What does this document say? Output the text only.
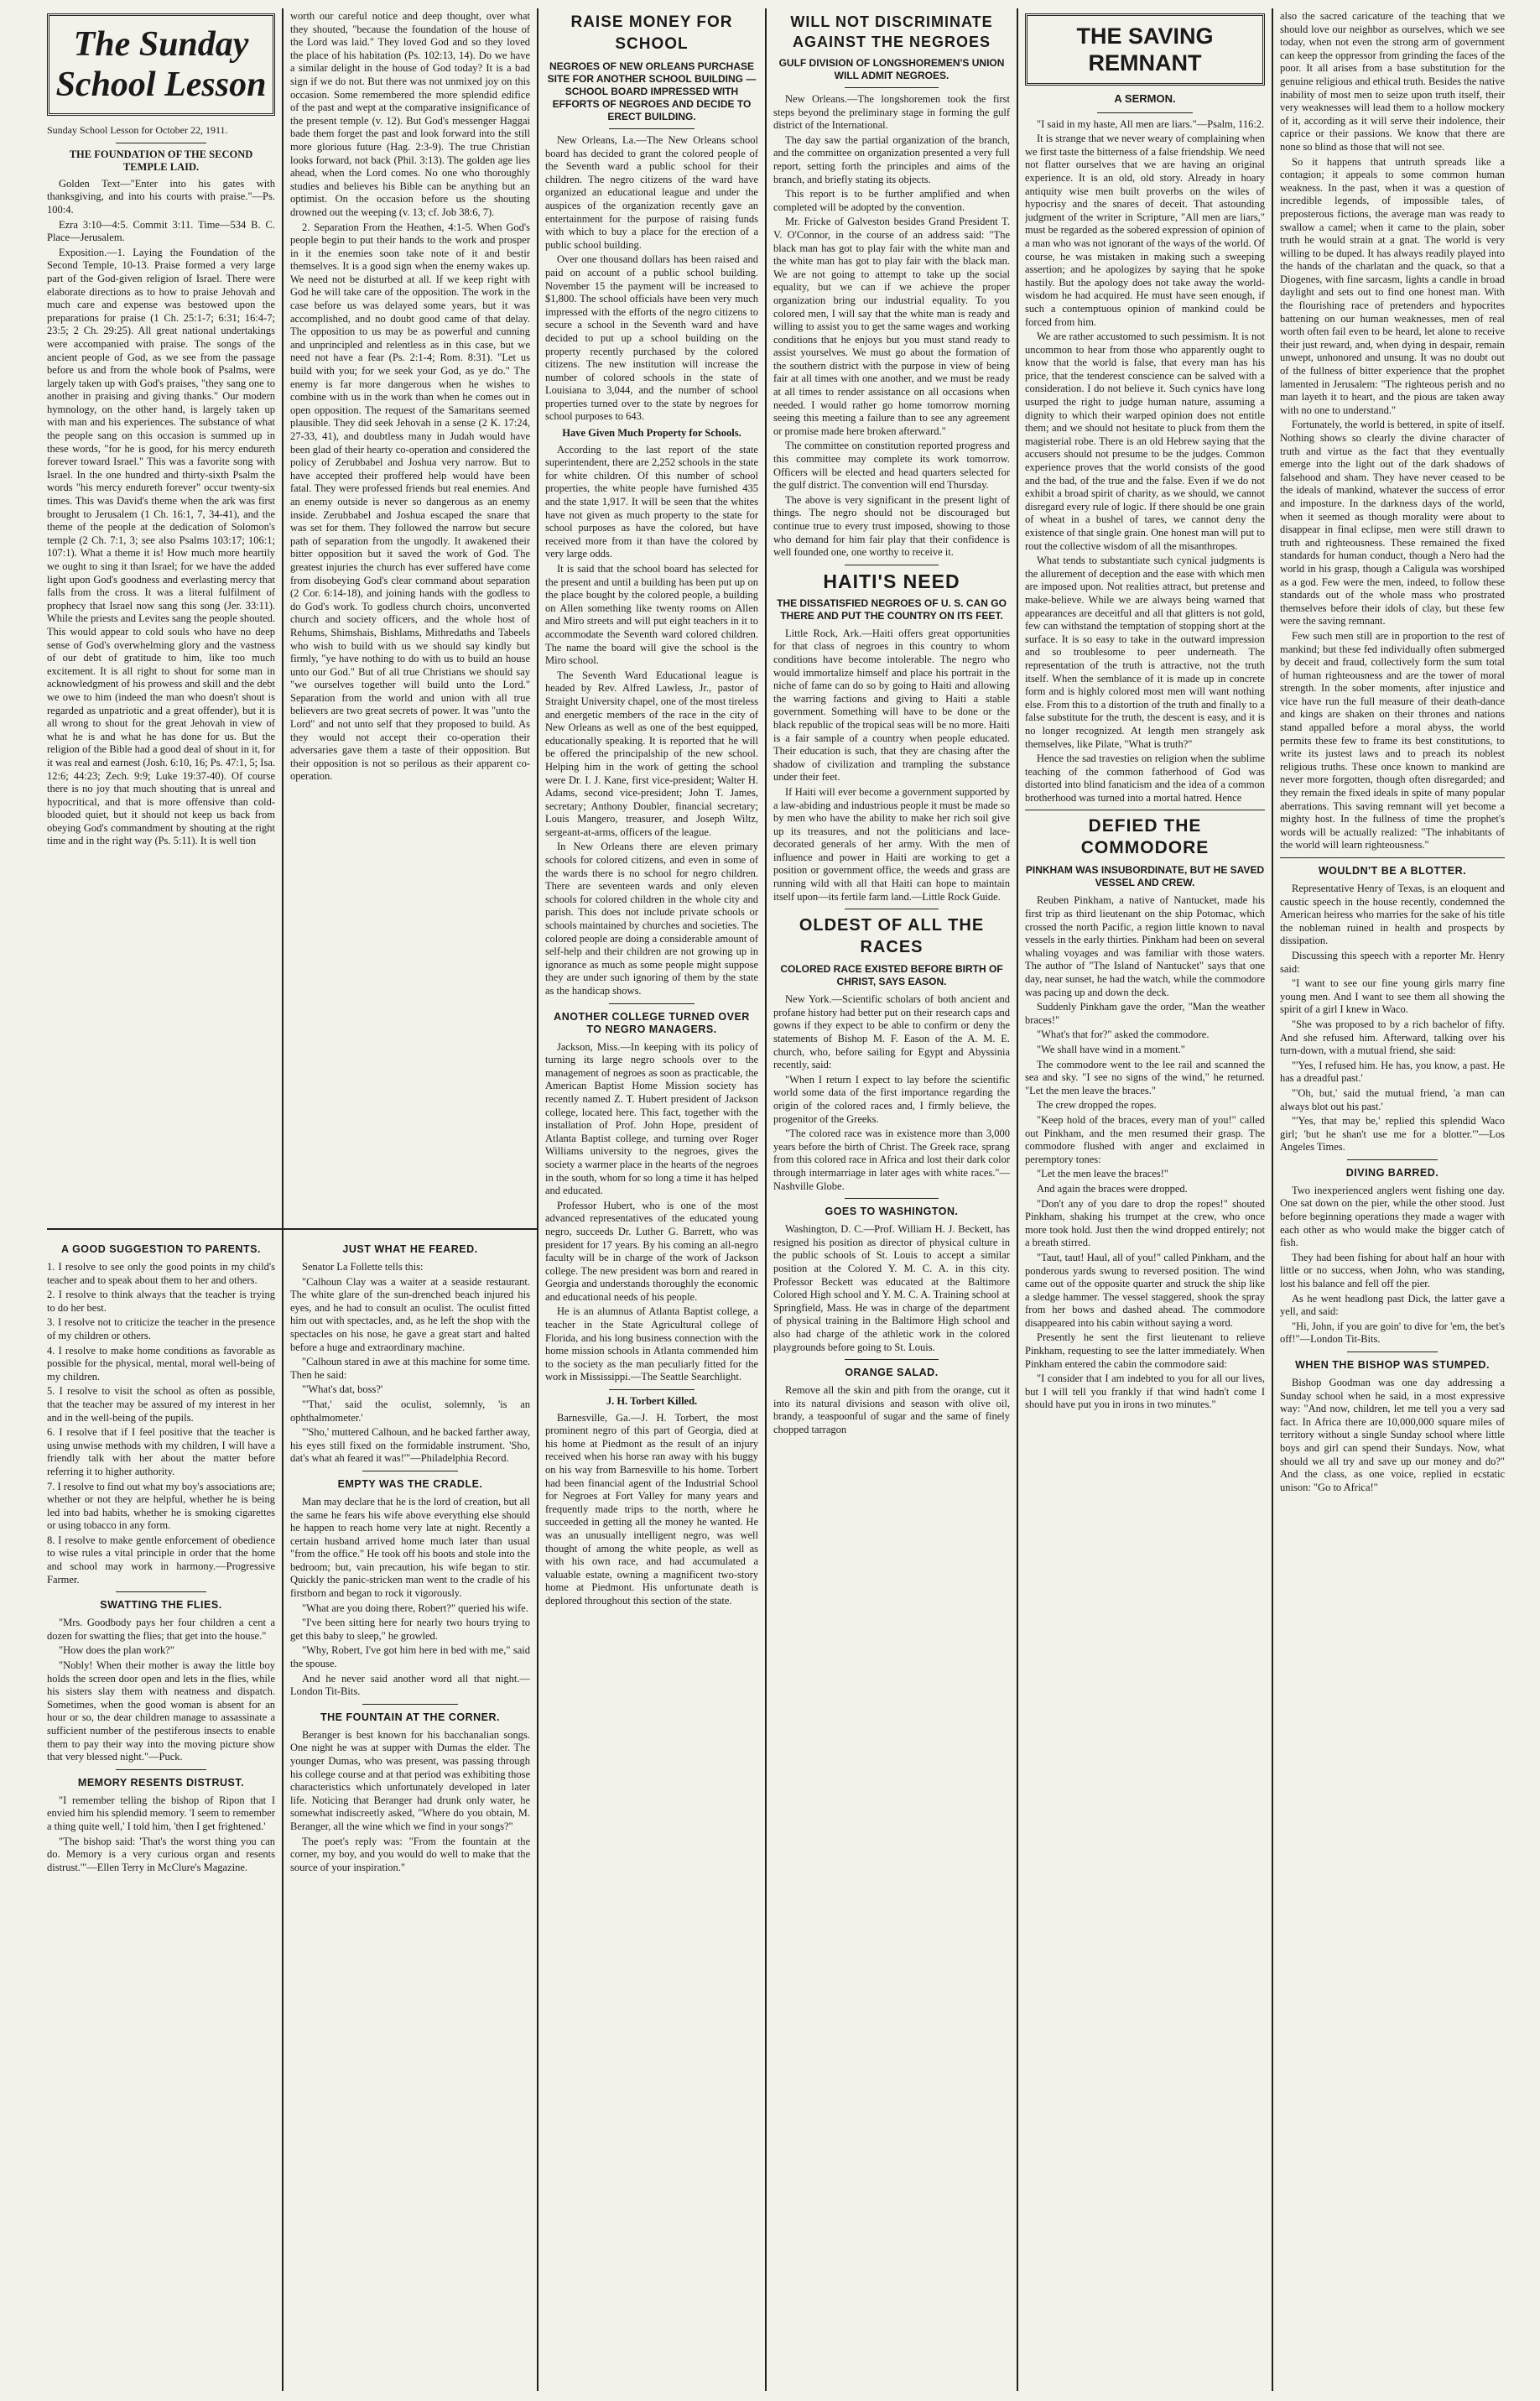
The Sunday School Lesson
Sunday School Lesson for October 22, 1911.
THE FOUNDATION OF THE SECOND TEMPLE LAID.

Golden Text—"Enter into his gates with thanksgiving, and into his courts with praise."—Ps. 100:4.

Ezra 3:10—4:5. Commit 3:11. Time—534 B. C. Place—Jerusalem.

Exposition.—1. Laying the Foundation of the Second Temple, 10-13. Praise formed a very large part of the God-given religion of Israel. There were elaborate directions as to how to praise Jehovah and much care and expense was bestowed upon the preparations for praise (1 Ch. 25:1-7; 6:31; 16:4-7; 23:5; 2 Ch. 29:25). All great national undertakings were accompanied with praise. The songs of the ancient people of God, as we see from the passage before us and from the whole book of Psalms, were largely taken up with God's praises, "they sang one to another in praising and giving thanks." Our modern hymnology, on the other hand, is largely taken up with man and his experiences. The substance of what the people sang on this occasion is summed up in these words, "for he is good, for his mercy endureth forever toward Israel." This was a favorite song with Israel. In the one hundred and thirty-sixth Psalm the words "his mercy endureth forever" occur twenty-six times. This was David's theme when the ark was first brought to Jerusalem (1 Ch. 16:1, 7, 34-41), and the theme of the people at the dedication of Solomon's temple (2 Ch. 7:1, 3; see also Psalms 103:17; 106:1; 107:1). What a theme it is! How much more heartily we ought to sing it than Israel; for we have the added light upon God's goodness and everlasting mercy that falls from the cross. It was a literal fulfilment of prophecy that Israel now sang this song (Jer. 33:11). While the priests and Levites sang the people shouted. This would appear to cold souls who have no deep sense of God's overwhelming glory and the vastness of our debt of gratitude to him, like too much excitement. It is all right to shout for some man in acknowledgment of his prowess and skill and the debt we owe to him (indeed the man who doesn't shout is regarded as unpatriotic and a great offender), but it is all wrong to shout for the great Jehovah in view of what he is and what he has done for us. But the religion of the Bible had a good deal of shout in it, for it was real and earnest (Josh. 6:10, 16; Ps. 47:1, 5; Isa. 12:6; 44:23; Zech. 9:9; Luke 19:37-40). Of course there is no joy that much shouting that is unreal and hypocritical, and that is more offensive than cold-blooded quiet, but it should not keep us back from obeying God's commandment by shouting at the right time and in the right way (Ps. 5:11). It is well tion

worth our careful notice and deep thought, over what they shouted, "because the foundation of the house of the Lord was laid." They loved God and so they loved the place of his habitation (Ps. 102:13, 14). Do we have a similar delight in the house of God today? It is a bad sign if we do not. But there was not unmixed joy on this occasion. Some remembered the more splendid edifice of the past and wept at the comparative insignificance of the present temple (v. 12). But God's messenger Haggai bade them forget the past and look forward into the still more glorious future (Hag. 2:3-9). The true Christian looks forward, not back (Phil. 3:13). The golden age lies ahead, when the Lord comes. No one who thoroughly studies and believes his Bible can be anything but an optimist. On the occasion before us the shouting drowned out the weeping (v. 13; cf. Job 38:6, 7).

2. Separation From the Heathen, 4:1-5. When God's people begin to put their hands to the work and prosper in it the enemies soon take note of it and bestir themselves. It is a good sign when the enemy wakes up. We need not be disturbed at all. If we keep right with God he will take care of the opposition. The work in the case before us was delayed some years, but it was accomplished, and no doubt good came of that delay. The opposition to us may be as powerful and cunning and unprincipled and relentless as in this case, but we need not have a fear (Ps. 2:1-4; Rom. 8:31). "Let us build with you; for we seek your God, as ye do." The enemy is far more dangerous when he wishes to combine with us in the work than when he comes out in open opposition. The request of the Samaritans seemed plausible. They did seek Jehovah in a sense (2 K. 17:24, 27-33, 41), and doubtless many in Judah would have been glad of their hearty co-operation and considered the policy of Zerubbabel and Joshua very narrow. But to have accepted their proffered help would have been fatal. They were professed friends but real enemies. And an enemy outside is never so dangerous as an enemy inside. Zerubbabel and Joshua escaped the snare that was set for them. They followed the narrow but secure path of separation from the ungodly. It awakened their bitter opposition but it saved the work of God. The greatest injuries the church has ever suffered have come from disobeying God's clear command about separation (2 Cor. 6:14-18), and joining hands with the godless to do God's work. To godless church choirs, unconverted church and society officers, and the whole host of Rehums, Shimshais, Bishlams, Mithredaths and Tabeels who wish to build with us we should say kindly but firmly, "ye have nothing to do with us to build an house unto our God." But of all true Christians we should say "we ourselves together will build unto the Lord." Separation from the world and union with all true believers are two great secrets of power. It was "unto the Lord" and not unto self that they proposed to build. As they would not accept their co-operation their adversaries gave them a taste of their opposition. But their opposition is not so perilous as their apparent co-operation.

A GOOD SUGGESTION TO PARENTS.

1. I resolve to see only the good points in my child's teacher and to speak about them to her and others.

2. I resolve to think always that the teacher is trying to do her best.

3. I resolve not to criticize the teacher in the presence of my children or others.

4. I resolve to make home conditions as favorable as possible for the physical, mental, moral well-being of my children.

5. I resolve to visit the school as often as possible, that the teacher may be assured of my interest in her and in the well-being of the pupils.

6. I resolve that if I feel positive that the teacher is using unwise methods with my children, I will have a friendly talk with her about the matter before referring it to higher authority.

7. I resolve to find out what my boy's associations are; whether or not they are helpful, whether he is being led into bad habits, whether he is smoking cigarettes or using tobacco in any form.

8. I resolve to make gentle enforcement of obedience to wise rules a vital principle in order that the home and school may work in harmony.—Progressive Farmer.

SWATTING THE FLIES.

"Mrs. Goodbody pays her four children a cent a dozen for swatting the flies; that get into the house."

"How does the plan work?"

"Nobly! When their mother is away the little boy holds the screen door open and lets in the flies, while his sisters slay them with neatness and dispatch. Sometimes, when the good woman is absent for an hour or so, the dear children manage to assassinate a sufficient number of the pestiferous insects to enable them to pay their way into the moving picture show that very blessed night."—Puck.

MEMORY RESENTS DISTRUST.

"I remember telling the bishop of Ripon that I envied him his splendid memory. 'I seem to remember a thing quite well,' I told him, 'then I get frightened.'

"The bishop said: 'That's the worst thing you can do. Memory is a very curious organ and resents distrust.'"—Ellen Terry in McClure's Magazine.

JUST WHAT HE FEARED.

Senator La Follette tells this:

"Calhoun Clay was a waiter at a seaside restaurant. The white glare of the sun-drenched beach injured his eyes, and he had to consult an oculist. The oculist fitted him out with spectacles, and, as he left the shop with the spectacles on his nose, he gave a great start and halted before a huge and extraordinary machine.

"Calhoun stared in awe at this machine for some time. Then he said:

"'What's dat, boss?'

"'That,' said the oculist, solemnly, 'is an ophthalmometer.'

"'Sho,' muttered Calhoun, and he backed farther away, his eyes still fixed on the formidable instrument. 'Sho, dat's what ah feared it was!'"—Philadelphia Record.

EMPTY WAS THE CRADLE.

Man may declare that he is the lord of creation, but all the same he fears his wife above everything else should he happen to reach home very late at night. Recently a certain husband arrived home much later than usual "from the office." He took off his boots and stole into the bedroom; but, vain precaution, his wife began to stir. Quickly the panic-stricken man went to the cradle of his firstborn and began to rock it vigorously.

"What are you doing there, Robert?" queried his wife.

"I've been sitting here for nearly two hours trying to get this baby to sleep," he growled.

"Why, Robert, I've got him here in bed with me," said the spouse.

And he never said another word all that night.—London Tit-Bits.

THE FOUNTAIN AT THE CORNER.

Beranger is best known for his bacchanalian songs. One night he was at supper with Dumas the elder. The younger Dumas, who was present, was passing through his college course and at that period was exhibiting those characteristics which unfortunately developed in later life. Noticing that Beranger had drunk only water, he somewhat indiscreetly asked, "Where do you obtain, M. Beranger, all the wine which we find in your songs?"

The poet's reply was: "From the fountain at the corner, my boy, and you would do well to make that the source of your inspiration."

RAISE MONEY FOR SCHOOL
NEGROES OF NEW ORLEANS PURCHASE SITE FOR ANOTHER SCHOOL BUILDING — SCHOOL BOARD IMPRESSED WITH EFFORTS OF NEGROES AND DECIDE TO ERECT BUILDING.

New Orleans, La.—The New Orleans school board has decided to grant the colored people of the Seventh ward a public school for their children. The negro citizens of the ward have organized an educational league and under the auspices of the organization recently gave an entertainment for the purpose of raising funds with which to buy a place for the erection of a public school building.

Over one thousand dollars has been raised and paid on account of a public school building. November 15 the payment will be increased to $1,800. The school officials have been very much impressed with the efforts of the negro citizens to secure a school in the Seventh ward and have decided to put up a school building on the property recently purchased by the colored citizens. The new institution will increase the number of colored schools in the state of Louisiana to 3,044, and the number of school properties turned over to the state by negroes for school purposes to 643.

Have Given Much Property for Schools.

According to the last report of the state superintendent, there are 2,252 schools in the state for white children. Of this number of school properties, the white people have furnished 435 and the state 1,917. It will be seen that the whites have not given as much property to the state for school purposes as have the colored, but have received more from it than have the colored by very large odds.

It is said that the school board has selected for the present and until a building has been put up on the place bought by the colored people, a building on Allen something like twenty rooms on Allen and Miro streets and will put eight teachers in it to accommodate the Seventh ward colored children. The name the board will give the school is the Miro school.

The Seventh Ward Educational league is headed by Rev. Alfred Lawless, Jr., pastor of Straight University chapel, one of the most tireless and energetic members of the race in the city of New Orleans as well as one of the best equipped, educationally speaking. It is reported that he will be offered the principalship of the new school. Helping him in the work of getting the school were Dr. I. J. Kane, first vice-president; Walter H. Adams, second vice-president; John T. James, secretary; Anthony Doubler, financial secretary; Louis Mangero, treasurer, and Joseph Wiltz, sergeant-at-arms, officers of the league.

In New Orleans there are eleven primary schools for colored citizens, and even in some of the wards there is no school for negro children. There are seventeen wards and only eleven schools for colored children in the whole city and parish. This does not include private schools or schools maintained by churches and societies. The colored people are doing a considerable amount of self-help and their children are not growing up in ignorance as much as some people might suppose they are under such ignoring of them by the state as the handicap shows.

ANOTHER COLLEGE TURNED OVER TO NEGRO MANAGERS.

Jackson, Miss.—In keeping with its policy of turning its large negro schools over to the management of negroes as soon as practicable, the American Baptist Home Mission society has recently named Z. T. Hubert president of Jackson college, located here. This fact, together with the installation of Prof. John Hope, president of Atlanta Baptist college, and turning over Roger Williams university to the negroes, gives the society a warmer place in the hearts of the negroes in the south, whom for so long a time it has helped and educated.

Professor Hubert, who is one of the most advanced representatives of the educated young negro, succeeds Dr. Luther G. Barrett, who was president for 17 years. By his coming an all-negro faculty will be in charge of the work of Jackson college. The new president was born and reared in Georgia and understands thoroughly the economic and educational needs of his people.

He is an alumnus of Atlanta Baptist college, a teacher in the State Agricultural college of Florida, and his long business connection with the home mission schools in Atlanta commended him to the society as the man peculiarly fitted for the work in Mississippi.—The Seattle Searchlight.

J. H. Torbert Killed.

Barnesville, Ga.—J. H. Torbert, the most prominent negro of this part of Georgia, died at his home at Piedmont as the result of an injury received when his horse ran away with his buggy on his way from Barnesville to his home. Torbert had been financial agent of the Industrial School for Negroes at Fort Valley for many years and frequently made trips to the north, where he succeeded in getting all the money he wanted. He was an unusually intelligent negro, was well thought of among the white people, as well as with his own race, and had accumulated a valuable estate, owning a magnificent two-story home at Piedmont. His unfortunate death is deplored throughout this section of the state.

WILL NOT DISCRIMINATE AGAINST THE NEGROES
GULF DIVISION OF LONGSHOREMEN'S UNION WILL ADMIT NEGROES.

New Orleans.—The longshoremen took the first steps beyond the preliminary stage in forming the gulf district of the International.

The day saw the partial organization of the branch, and the committee on organization presented a very full report, setting forth the principles and aims of the branch, and briefly stating its objects.

This report is to be further amplified and when completed will be adopted by the convention.

Mr. Fricke of Galveston besides Grand President T. V. O'Connor, in the course of an address said: "The black man has got to play fair with the white man and the white man has got to play fair with the black man. We are not going to attempt to take up the social equality, but we can if we achieve the proper organization bring our industrial equality. To you colored men, I will say that the white man is ready and willing to assist you to get the same wages and working conditions that he enjoys but you must stand ready to assist yourselves. We must go about the formation of the southern district with the purpose in view of being fair at all times with one another, and we must be ready at all times to render assistance on all occasions when needed. I would rather go home tomorrow morning seeing this meeting a failure than to see any agreement or promise made here broken afterward."

The committee on constitution reported progress and this committee may complete its work tomorrow. Officers will be elected and head quarters selected for the gulf district. The convention will end Thursday.

The above is very significant in the present light of things. The negro should not be discouraged but continue true to every trust imposed, showing to those who demand for him fair play that their confidence is well founded one, one worthy to receive it.

HAITI'S NEED
THE DISSATISFIED NEGROES OF U. S. CAN GO THERE AND PUT THE COUNTRY ON ITS FEET.

Little Rock, Ark.—Haiti offers great opportunities for that class of negroes in this country to whom conditions have become intolerable. The negro who would immortalize himself and place his portrait in the niche of fame can do so by going to Haiti and allowing the warring factions and giving to Haiti a stable government. Something will have to be done or the black republic of the tropical seas will be no more. Haiti is a fair sample of a country when people educated. Their education is such, that they are chasing after the shadow of civilization and trampling the substance under their feet.

If Haiti will ever become a government supported by a law-abiding and industrious people it must be made so by men who have the ability to make her rich soil give up its treasures, and not the politicians and lace-decorated generals of her army. With the men of influence and power in Haiti are working to get a position or government office, the weeds and grass are running wild with all that Haiti can hope to maintain itself upon—its fertile farm land.—Little Rock Guide.

OLDEST OF ALL THE RACES
COLORED RACE EXISTED BEFORE BIRTH OF CHRIST, SAYS EASON.

New York.—Scientific scholars of both ancient and profane history had better put on their research caps and gowns if they expect to be able to confirm or deny the statements of Bishop M. F. Eason of the A. M. E. church, who, before sailing for Egypt and Abyssinia recently, said:

"When I return I expect to lay before the scientific world some data of the first importance regarding the origin of the colored races and, I firmly believe, the progenitor of the Greeks.

"The colored race was in existence more than 3,000 years before the birth of Christ. The Greek race, sprang from this colored race in Africa and lost their dark color through intermarriage in later ages with white races."—Nashville Globe.

GOES TO WASHINGTON.

Washington, D. C.—Prof. William H. J. Beckett, has resigned his position as director of physical culture in the public schools of St. Louis to accept a similar position at the Colored Y. M. C. A. in this city. Professor Beckett was educated at the Baltimore Colored High school and Y. M. C. A. Training school at Springfield, Mass. He was in charge of the department of physical training in the Baltimore High school and also had charge of the athletic work in the colored playgrounds before going to St. Louis.

ORANGE SALAD.

Remove all the skin and pith from the orange, cut it into its natural divisions and season with olive oil, brandy, a teaspoonful of sugar and the same of finely chopped tarragon

THE SAVING REMNANT
A SERMON.

"I said in my haste, All men are liars."—Psalm, 116:2.

It is strange that we never weary of complaining when we first taste the bitterness of a false friendship. We need not flatter ourselves that we are having an original experience. It is an old, old story. Already in hoary antiquity wise men built proverbs on the wiles of hypocrisy and the snares of deceit. That astounding judgment of the writer in Scripture, "All men are liars," must be regarded as the sobered expression of opinion of a man who was not ignorant of the ways of the world. Of course, he was mistaken in making such a sweeping assertion; and he apologizes by saying that he spoke hastily. But the apology does not take away the world-wisdom he had acquired. He must have seen enough, if such a contemptuous opinion of mankind could be forced from him.

We are rather accustomed to such pessimism. It is not uncommon to hear from those who apparently ought to know that the world is false, that every man has his price, that the tenderest conscience can be salved with a consideration. I do not believe it. Such cynics have long usurped the right to judge human nature, assuming a dignity to which their warped opinion does not entitle them; and we should not hesitate to pluck from them the magisterial robe. There is an old Hebrew saying that the accusers should not presume to be the judges. Common experience proves that the world consists of the good and the bad, of the true and the false. Even if we do not exhibit a broad spirit of charity, as we should, we cannot disregard every rule of logic. If there should be one grain of wheat in a bushel of tares, we cannot deny the existence of that single grain. One honest man will put to rout the collective wisdom of all the misanthropes.

What tends to substantiate such cynical judgments is the allurement of deception and the ease with which men are imposed upon. Not realities attract, but pretense and make-believe. While we are always being warned that appearances are deceitful and all that glitters is not gold, few can withstand the temptation of stopping short at the surface. It is so easy to take in the outward impression and so troublesome to peer underneath. The representation of the truth is attractive, not the truth itself. When the semblance of it is made up in concrete form and is highly colored most men will want nothing else. From this to a distortion of the truth and finally to a false substitute for the truth, the descent is easy, and it is no longer recognized. At length men strangely ask themselves, like Pilate, "What is truth?"

Hence the sad travesties on religion when the sublime teaching of the common fatherhood of God was distorted into blind fanaticism and the idea of a common brotherhood was turned into a mortal hatred. Hence

DEFIED THE COMMODORE
PINKHAM WAS INSUBORDINATE, BUT HE SAVED VESSEL AND CREW.

Reuben Pinkham, a native of Nantucket, made his first trip as third lieutenant on the ship Potomac, which crossed the north Pacific, a region little known to naval vessels in the early thirties. Pinkham had been on several whaling voyages and was familiar with those waters. The author of "The Island of Nantucket" says that one day, near sunset, he had the watch, while the commodore was pacing up and down the deck.

Suddenly Pinkham gave the order, "Man the weather braces!"

"What's that for?" asked the commodore.

"We shall have wind in a moment."

The commodore went to the lee rail and scanned the sea and sky. "I see no signs of the wind," he returned. "Let the men leave the braces."

The crew dropped the ropes.

"Keep hold of the braces, every man of you!" called out Pinkham, and the men resumed their grasp. The commodore flushed with anger and exclaimed in peremptory tones:

"Let the men leave the braces!"

And again the braces were dropped.

"Don't any of you dare to drop the ropes!" shouted Pinkham, shaking his trumpet at the crew, who once more took hold. Just then the wind dropped entirely; not a breath stirred.

"Taut, taut! Haul, all of you!" called Pinkham, and the ponderous yards swung to reversed position. The wind came out of the opposite quarter and struck the ship like a sledge hammer. The vessel staggered, shook the spray from her bows and dashed ahead. The commodore disappeared into his cabin without saying a word.

Presently he sent the first lieutenant to relieve Pinkham, requesting to see the latter immediately. When Pinkham entered the cabin the commodore said:

"I consider that I am indebted to you for all our lives, but I will tell you frankly if that wind hadn't come I should have put you in irons in two minutes."

also the sacred caricature of the teaching that we should love our neighbor as ourselves, which we see today, when not even the strong arm of government can keep the oppressor from grinding the faces of the poor. It all arises from a base substitution for the genuine religious and ethical truth. Besides the native inability of most men to seize upon truth itself, their very weaknesses will lead them to a hollow mockery of it, according as it will serve their indolence, their caprice or their passions. We know that there are none so blind as those that will not see.

So it happens that untruth spreads like a contagion; it appeals to some common human weakness. In the past, when it was a question of incredible legends, of impossible tales, of preposterous fictions, the average man was ready to swallow a camel; when it came to the plain, sober truth he would strain at a gnat. The world is very willing to be duped. It has always readily played into the hands of the charlatan and the quack, so that a Diogenes, with fine sarcasm, lights a candle in broad daylight and sets out to find one honest man. With the flourishing race of pretenders and hypocrites battening on our human weaknesses, men of real worth often fail even to be heard, let alone to receive their just reward, and, when dying in despair, remain unwept, unhonored and unsung. It was no doubt out of the fullness of bitter experience that the prophet lamented in Jerusalem: "The righteous perish and no man layeth it to heart, and the pious are taken away with no one to understand."

Fortunately, the world is bettered, in spite of itself. Nothing shows so clearly the divine character of truth and virtue as the fact that they eventually emerge into the light out of the dark shadows of falsehood and sham. They have never ceased to be the ideals of mankind, whatever the success of error and imposture. In the darkness days of the world, when it seemed as though morality were about to disappear in final eclipse, men were still drawn to truth and righteousness. These remained the fixed standards for human conduct, though a Nero had the world in his grasp, though a Caligula was worshiped as a god. Few were the men, indeed, to follow these standards out of the whole mass who prostrated themselves before their idols of clay, but these few were the saving remnant.

Few such men still are in proportion to the rest of mankind; but these fed individually often submerged by deceit and fraud, collectively form the sum total of human righteousness and are the tower of moral strength. In the sober moments, after injustice and vice have run the full measure of their death-dance and kings are shaken on their thrones and nations stand appalled before a moral abyss, the world permits these few to frame its best constitutions, to write its justest laws and to preach its noblest religious truths. These once known to mankind are never more forgotten, though often disregarded; and they remain the fixed ideals in spite of many popular aberrations. This saving remnant will yet become a mighty host. In the fullness of time the prophet's words will be actually realized: "The inhabitants of the world will learn righteousness."

WOULDN'T BE A BLOTTER.

Representative Henry of Texas, is an eloquent and caustic speech in the house recently, condemned the American heiress who marries for the sake of his title the nobleman ruined in health and prospects by dissipation.

Discussing this speech with a reporter Mr. Henry said:

"I want to see our fine young girls marry fine young men. And I want to see them all showing the spirit of a girl I knew in Waco.

"She was proposed to by a rich bachelor of fifty. And she refused him. Afterward, talking over his turn-down, with a mutual friend, she said:

"'Yes, I refused him. He has, you know, a past. He has a dreadful past.'

"'Oh, but,' said the mutual friend, 'a man can always blot out his past.'

"'Yes, that may be,' replied this splendid Waco girl; 'but he shan't use me for a blotter.'"—Los Angeles Times.

DIVING BARRED.

Two inexperienced anglers went fishing one day. One sat down on the pier, while the other stood. Just before beginning operations they made a wager with each other as who would make the bigger catch of fish.

They had been fishing for about half an hour with little or no success, when John, who was standing, lost his balance and fell off the pier.

As he went headlong past Dick, the latter gave a yell, and said:

"Hi, John, if you are goin' to dive for 'em, the bet's off!"—London Tit-Bits.

WHEN THE BISHOP WAS STUMPED.

Bishop Goodman was one day addressing a Sunday school when he said, in a most expressive way: "And now, children, let me tell you a very sad fact. In Africa there are 10,000,000 square miles of territory without a single Sunday school where little boys and girl can spend their Sundays. Now, what should we all try and save up our money and do?" And the class, as one voice, replied in ecstatic unison: "Go to Africa!"
